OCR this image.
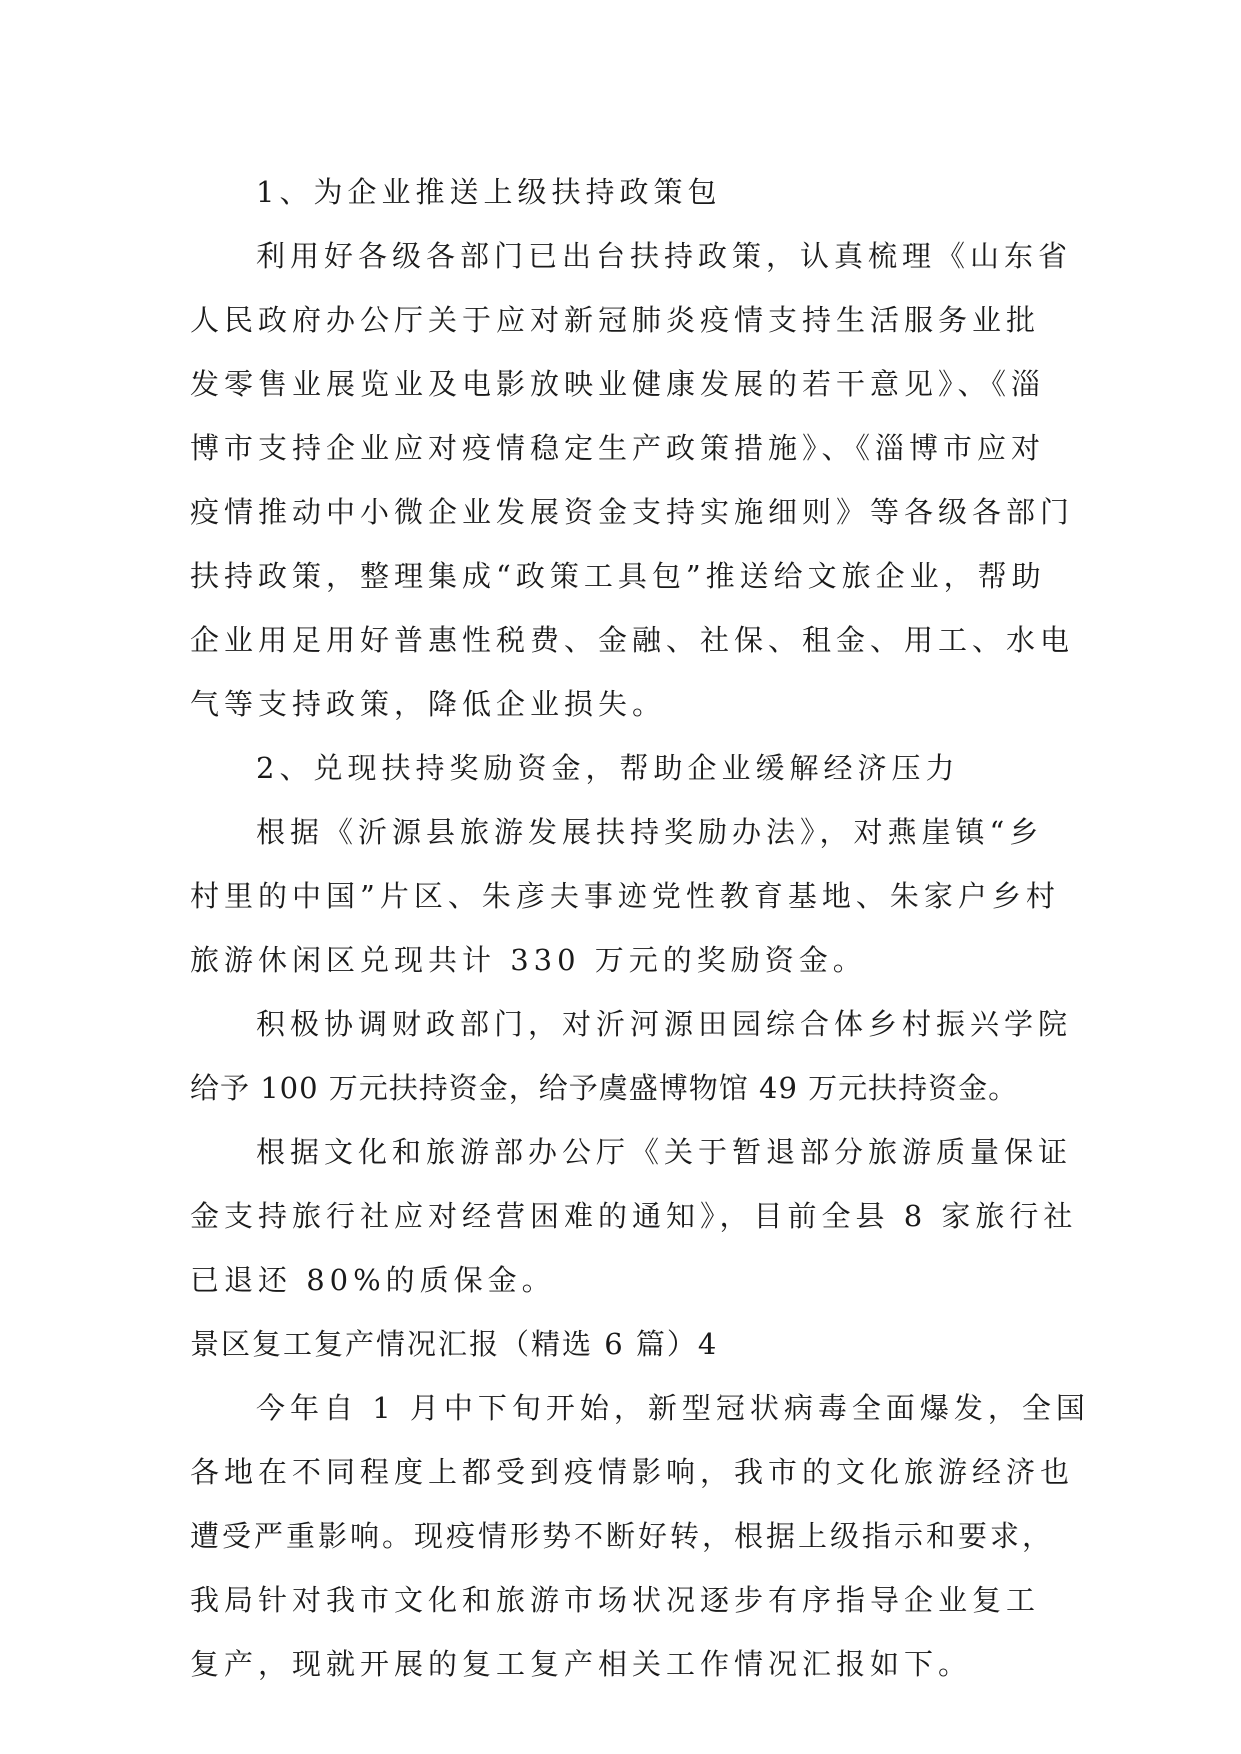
1、为企业推送上级扶持政策包
利用好各级各部门已出台扶持政策，认真梳理《山东省
人民政府办公厅关于应对新冠肺炎疫情支持生活服务业批
发零售业展览业及电影放映业健康发展的若干意见》、《淄
博市支持企业应对疫情稳定生产政策措施》、《淄博市应对
疫情推动中小微企业发展资金支持实施细则》等各级各部门
扶持政策，整理集成“政策工具包”推送给文旅企业，帮助
企业用足用好普惠性税费、金融、社保、租金、用工、水电
气等支持政策，降低企业损失。
2、兑现扶持奖励资金，帮助企业缓解经济压力
根据《沂源县旅游发展扶持奖励办法》，对燕崖镇“乡
村里的中国”片区、朱彦夫事迹党性教育基地、朱家户乡村
旅游休闲区兑现共计 330 万元的奖励资金。
积极协调财政部门，对沂河源田园综合体乡村振兴学院
给予 100 万元扶持资金，给予虞盛博物馆 49 万元扶持资金。
根据文化和旅游部办公厅《关于暂退部分旅游质量保证
金支持旅行社应对经营困难的通知》，目前全县 8 家旅行社
已退还 80%的质保金。
景区复工复产情况汇报（精选 6 篇）4
今年自 1 月中下旬开始，新型冠状病毒全面爆发，全国
各地在不同程度上都受到疫情影响，我市的文化旅游经济也
遭受严重影响。现疫情形势不断好转，根据上级指示和要求，
我局针对我市文化和旅游市场状况逐步有序指导企业复工
复产，现就开展的复工复产相关工作情况汇报如下。
